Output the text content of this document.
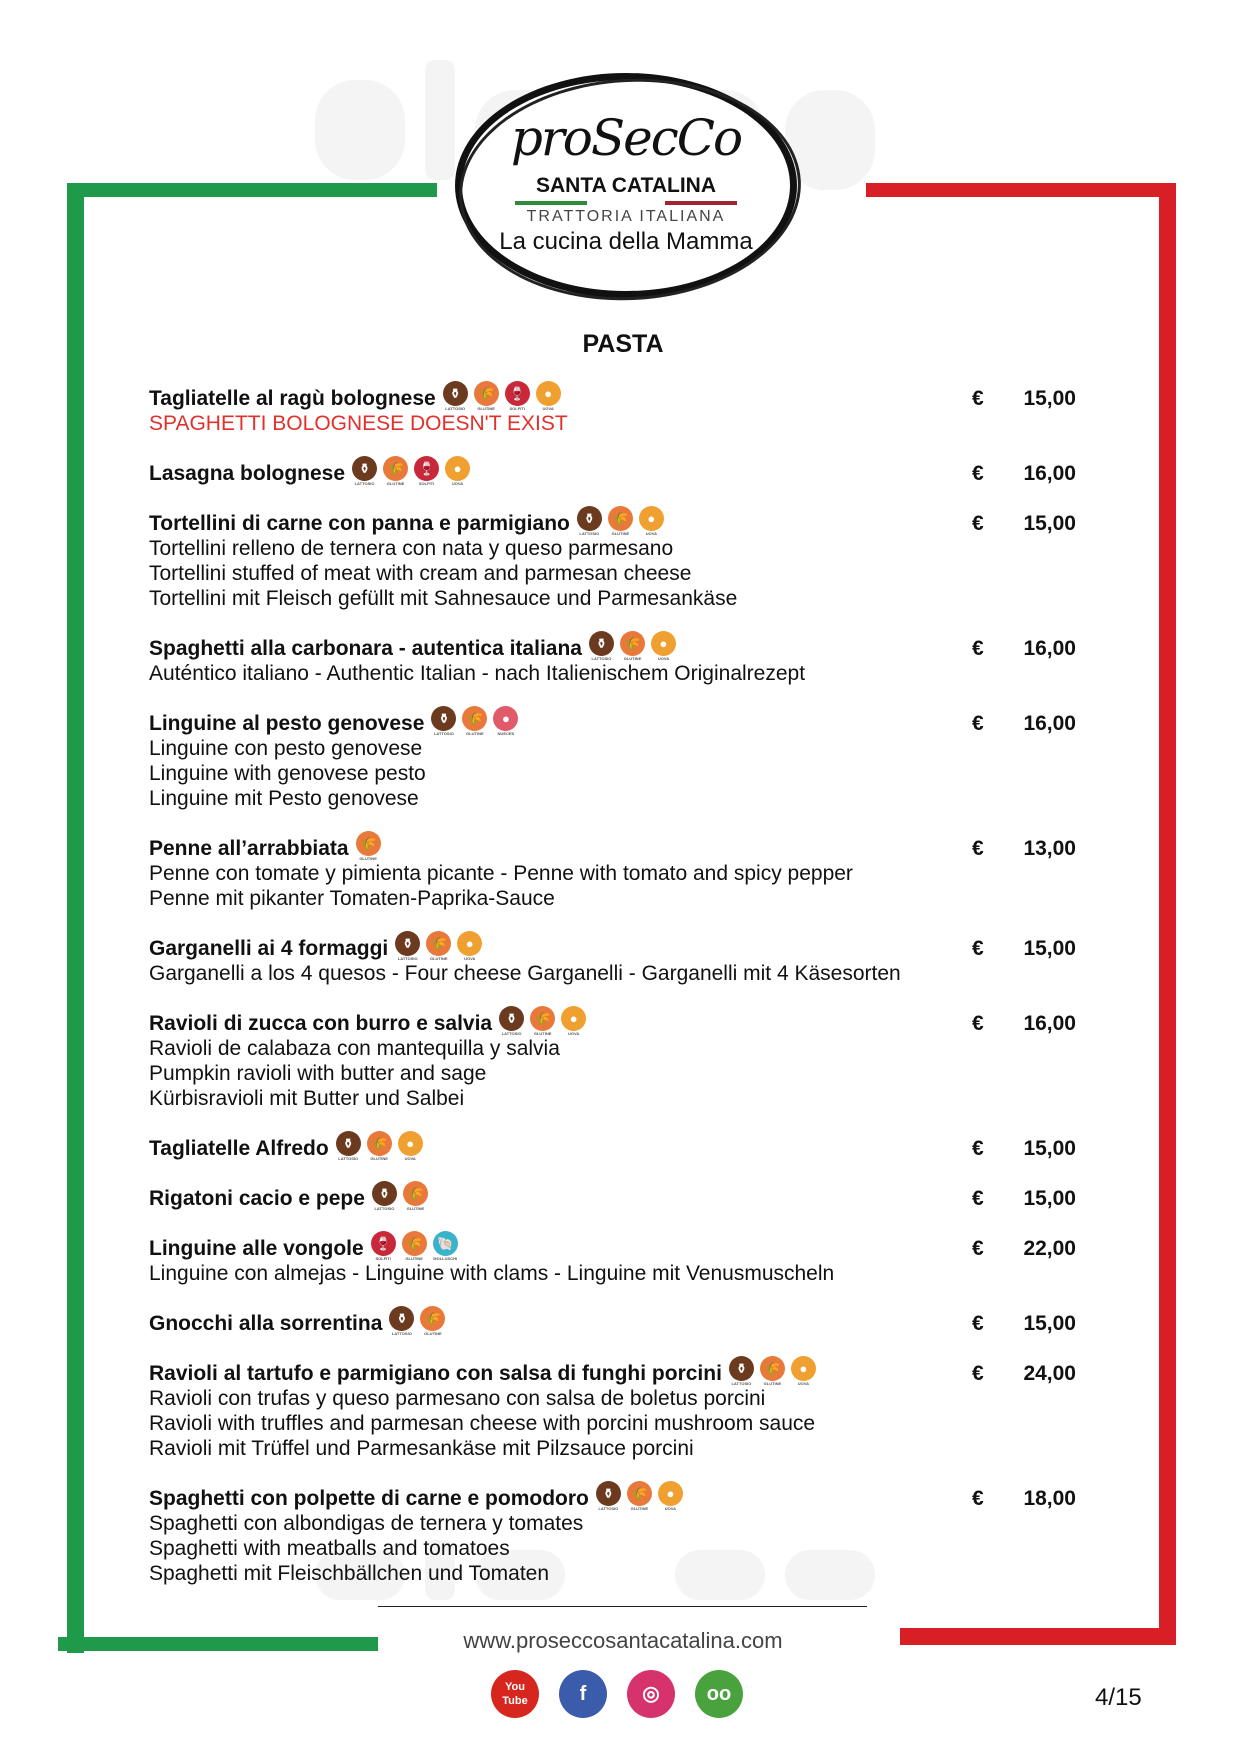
proSecCo
SANTA CATALINA
TRATTORIA ITALIANA
La cucina della Mamma
PASTA
Tagliatelle al ragù bolognese	⚱
LATTOSIO
🌾
GLUTINE
🍷
SOLFITI
●
UOVA
SPAGHETTI BOLOGNESE DOESN'T EXIST
€ 15,00
Lasagna bolognese	⚱
LATTOSIO
🌾
GLUTINE
🍷
SOLFITI
●
UOVA	€ 16,00
Tortellini di carne con panna e parmigiano	⚱
LATTOSIO
🌾
GLUTINE
●
UOVA
Tortellini relleno de ternera con nata y queso parmesano
Tortellini stuffed of meat with cream and parmesan cheese
Tortellini mit Fleisch gefüllt mit Sahnesauce und Parmesankäse
€ 15,00
Spaghetti alla carbonara - autentica italiana	⚱
LATTOSIO
🌾
GLUTINE
●
UOVA
Auténtico italiano - Authentic Italian - nach Italienischem Originalrezept
€ 16,00
Linguine al pesto genovese	⚱
LATTOSIO
🌾
GLUTINE
●
NUECES
Linguine con pesto genovese
Linguine with genovese pesto
Linguine mit Pesto genovese
€ 16,00
Penne all’arrabbiata 🌾
GLUTINE
Penne con tomate y pimienta picante - Penne with tomato and spicy pepper
Penne mit pikanter Tomaten-Paprika-Sauce
€ 13,00
Garganelli ai 4 formaggi	⚱
LATTOSIO
🌾
GLUTINE
●
UOVA
Garganelli a los 4 quesos - Four cheese Garganelli - Garganelli mit 4 Käsesorten
€ 15,00
Ravioli di zucca con burro e salvia	⚱
LATTOSIO
🌾
GLUTINE
●
UOVA
Ravioli de calabaza con mantequilla y salvia
Pumpkin ravioli with butter and sage
Kürbisravioli mit Butter und Salbei
€ 16,00
Tagliatelle Alfredo	⚱
LATTOSIO
🌾
GLUTINE
●
UOVA	€ 15,00
Rigatoni cacio e pepe	⚱
LATTOSIO
🌾
GLUTINE	€ 15,00
Linguine alle vongole 🍷
SOLFITI
🌾
GLUTINE
🐚
MOLLUSCHI
Linguine con almejas - Linguine with clams - Linguine mit Venusmuscheln
€ 22,00
Gnocchi alla sorrentina	⚱
LATTOSIO
🌾
GLUTINE	€ 15,00
Ravioli al tartufo e parmigiano con salsa di funghi porcini	⚱
LATTOSIO
🌾
GLUTINE
●
UOVA
Ravioli con trufas y queso parmesano con salsa de boletus porcini
Ravioli with truffles and parmesan cheese with porcini mushroom sauce
Ravioli mit Trüffel und Parmesankäse mit Pilzsauce porcini
€ 24,00
Spaghetti con polpette di carne e pomodoro	⚱
LATTOSIO
🌾
GLUTINE
●
UOVA
Spaghetti con albondigas de ternera y tomates
Spaghetti with meatballs and tomatoes
Spaghetti mit Fleischbällchen und Tomaten
€ 18,00
www.proseccosantacatalina.com
You Tube	f	◎	oo	4/15
